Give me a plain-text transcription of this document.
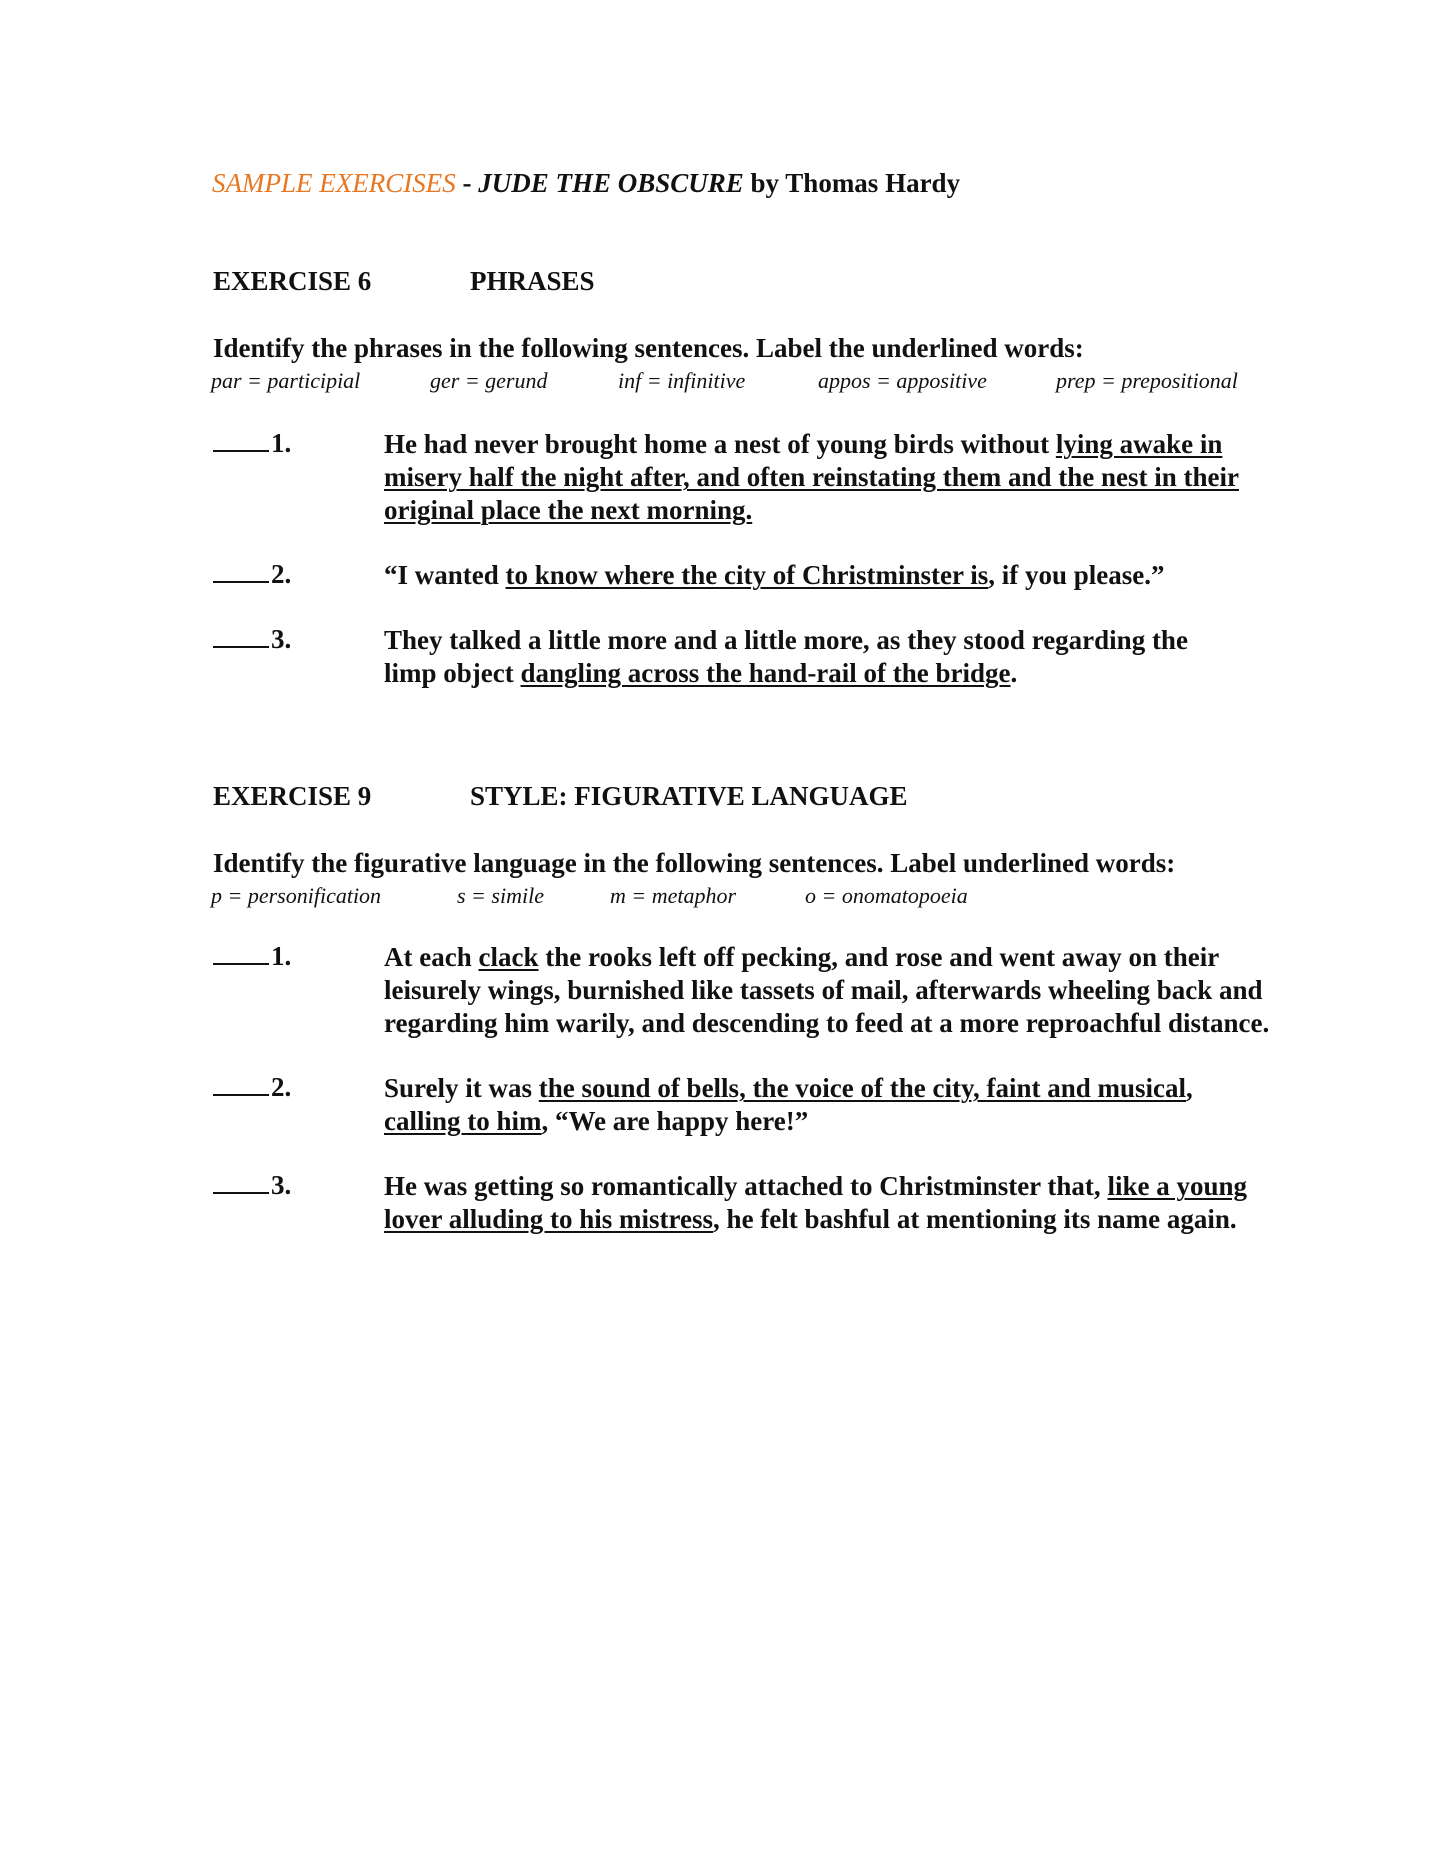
SAMPLE EXERCISES - JUDE THE OBSCURE by Thomas Hardy
EXERCISE 6	PHRASES
Identify the phrases in the following sentences. Label the underlined words:
par = participial	ger = gerund	inf = infinitive	appos = appositive	prep = prepositional
1.	He had never brought home a nest of young birds without lying awake in
misery half the night after, and often reinstating them and the nest in their
original place the next morning.
2.	“I wanted to know where the city of Christminster is, if you please.”
3.	They talked a little more and a little more, as they stood regarding the
limp object dangling across the hand-rail of the bridge.
EXERCISE 9	STYLE: FIGURATIVE LANGUAGE
Identify the figurative language in the following sentences. Label underlined words:
p = personification	s = simile	m = metaphor	o = onomatopoeia
1.	At each clack the rooks left off pecking, and rose and went away on their
leisurely wings, burnished like tassets of mail, afterwards wheeling back and
regarding him warily, and descending to feed at a more reproachful distance.
2.	Surely it was the sound of bells, the voice of the city, faint and musical,
calling to him, “We are happy here!”
3.	He was getting so romantically attached to Christminster that, like a young
lover alluding to his mistress, he felt bashful at mentioning its name again.
